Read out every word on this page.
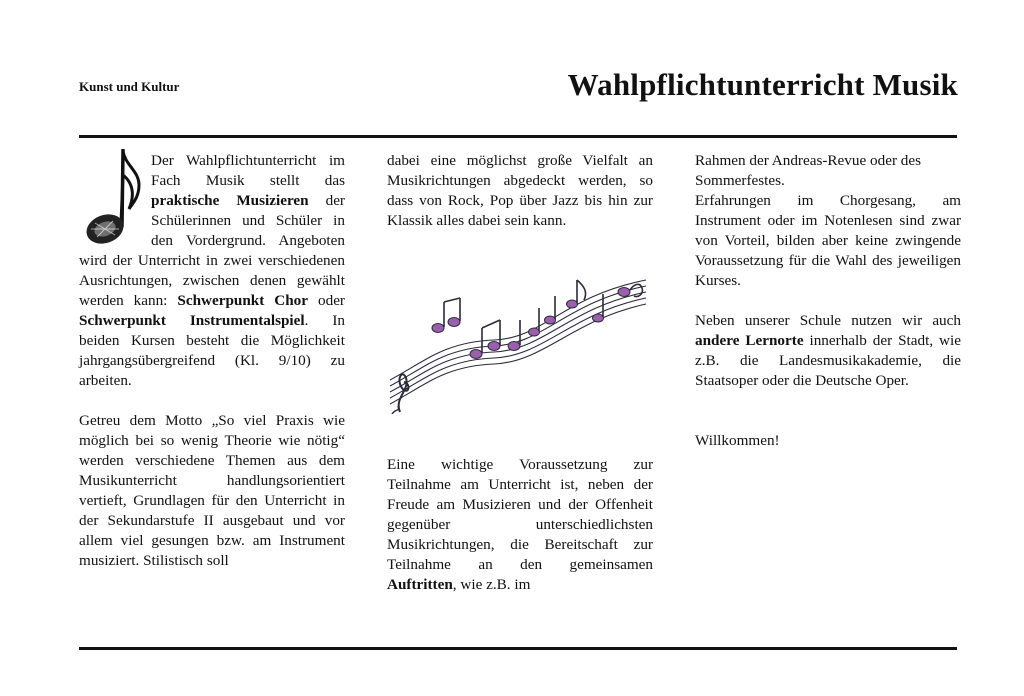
Kunst und Kultur	Wahlpflichtunterricht Musik

Der Wahlpflichtunterricht im Fach Musik stellt das praktische Musizieren der Schülerinnen und Schüler in den Vordergrund. Angeboten wird der Unterricht in zwei verschiedenen Ausrichtungen, zwischen denen gewählt werden kann: Schwerpunkt Chor oder Schwerpunkt Instrumentalspiel. In beiden Kursen besteht die Möglichkeit jahrgangsübergreifend (Kl. 9/10) zu arbeiten.

Getreu dem Motto „So viel Praxis wie möglich bei so wenig Theorie wie nötig“ werden verschiedene Themen aus dem Musikunterricht handlungsorientiert vertieft, Grundlagen für den Unterricht in der Sekundarstufe II ausgebaut und vor allem viel gesungen bzw. am Instrument musiziert. Stilistisch soll

dabei eine möglichst große Vielfalt an Musikrichtungen abgedeckt werden, so dass von Rock, Pop über Jazz bis hin zur Klassik alles dabei sein kann.

Eine wichtige Voraussetzung zur Teilnahme am Unterricht ist, neben der Freude am Musizieren und der Offenheit gegenüber unterschiedlichsten Musikrichtungen, die Bereitschaft zur Teilnahme an den gemeinsamen Auftritten, wie z.B. im

Rahmen der Andreas-Revue oder des Sommerfestes.

Erfahrungen im Chorgesang, am Instrument oder im Notenlesen sind zwar von Vorteil, bilden aber keine zwingende Voraussetzung für die Wahl des jeweiligen Kurses.

Neben unserer Schule nutzen wir auch andere Lernorte innerhalb der Stadt, wie z.B. die Landesmusikakademie, die Staatsoper oder die Deutsche Oper.

Willkommen!
